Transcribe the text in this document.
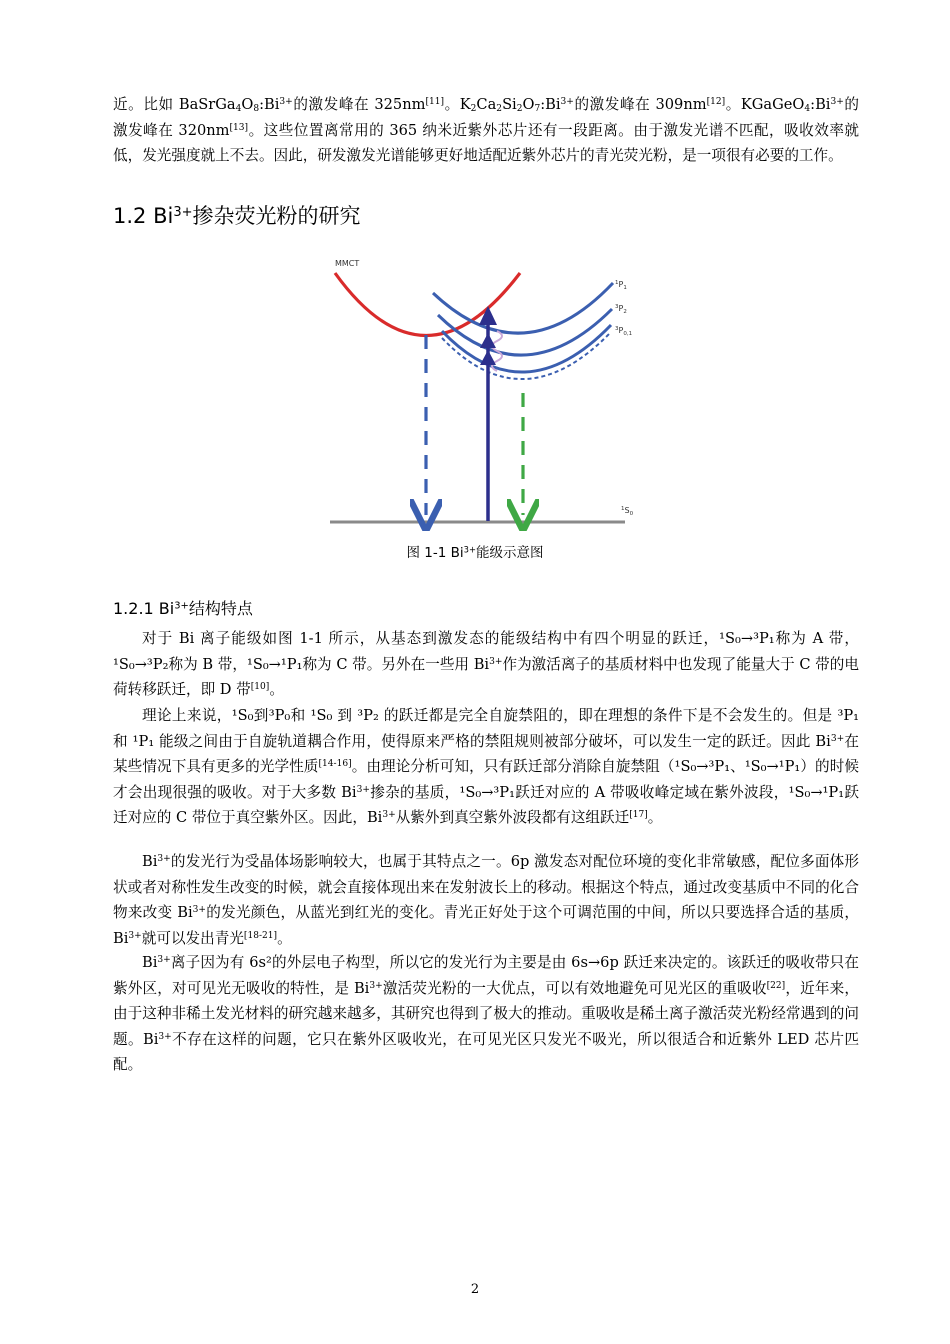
近。比如 $BaSrGa_4O_8:Bi^{3+}$的激发峰在 325nm[11]。$K_2Ca_2Si_2O_7:Bi^{3+}$的激发峰在 309nm[12]。$KGaGeO_4:Bi^{3+}$的激发峰在 320nm[13]。这些位置离常用的 365 纳米近紫外芯片还有一段距离。由于激发光谱不匹配，吸收效率就低，发光强度就上不去。因此，研发激发光谱能够更好地适配近紫外芯片的青光荧光粉，是一项很有必要的工作。

1.2 $Bi^{3+}$掺杂荧光粉的研究
MMCT
$^1P_1$
$^3P_2$
$^3P_{0,1}$
$^1S_0$

图 1-1 $Bi^{3+}$能级示意图

1.2.1 $Bi^{3+}$结构特点

对于 Bi 离子能级如图 1-1 所示，从基态到激发态的能级结构中有四个明显的跃迁，¹S₀→³P₁称为 A 带，¹S₀→³P₂称为 B 带，¹S₀→¹P₁称为 C 带。另外在一些用 $Bi^{3+}$作为激活离子的基质材料中也发现了能量大于 C 带的电荷转移跃迁，即 D 带[10]。

理论上来说，¹S₀到³P₀和 ¹S₀ 到 ³P₂ 的跃迁都是完全自旋禁阻的，即在理想的条件下是不会发生的。但是 ³P₁ 和 ¹P₁ 能级之间由于自旋轨道耦合作用，使得原来严格的禁阻规则被部分破坏，可以发生一定的跃迁。因此 $Bi^{3+}$在某些情况下具有更多的光学性质[14-16]。由理论分析可知，只有跃迁部分消除自旋禁阻（¹S₀→³P₁、¹S₀→¹P₁）的时候才会出现很强的吸收。对于大多数 $Bi^{3+}$掺杂的基质，¹S₀→³P₁跃迁对应的 A 带吸收峰定域在紫外波段，¹S₀→¹P₁跃迁对应的 C 带位于真空紫外区。因此，$Bi^{3+}$从紫外到真空紫外波段都有这组跃迁[17]。

$Bi^{3+}$的发光行为受晶体场影响较大，也属于其特点之一。6p 激发态对配位环境的变化非常敏感，配位多面体形状或者对称性发生改变的时候，就会直接体现出来在发射波长上的移动。根据这个特点，通过改变基质中不同的化合物来改变 $Bi^{3+}$的发光颜色，从蓝光到红光的变化。青光正好处于这个可调范围的中间，所以只要选择合适的基质，$Bi^{3+}$就可以发出青光[18-21]。

$Bi^{3+}$离子因为有 6s²的外层电子构型，所以它的发光行为主要是由 6s→6p 跃迁来决定的。该跃迁的吸收带只在紫外区，对可见光无吸收的特性，是 $Bi^{3+}$激活荧光粉的一大优点，可以有效地避免可见光区的重吸收[22]，近年来，由于这种非稀土发光材料的研究越来越多，其研究也得到了极大的推动。重吸收是稀土离子激活荧光粉经常遇到的问题。$Bi^{3+}$不存在这样的问题，它只在紫外区吸收光，在可见光区只发光不吸光，所以很适合和近紫外 LED 芯片匹配。

2
